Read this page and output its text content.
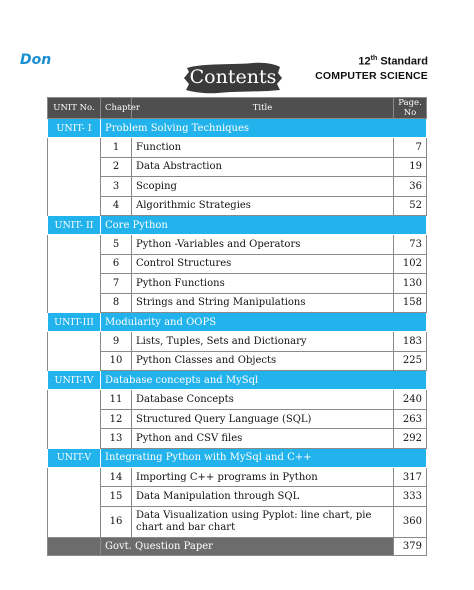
Don	12th Standard
COMPUTER SCIENCE
Contents
UNIT No.	Chapter	Title	Page. No
UNIT- I	Problem Solving Techniques		
	1	Function	7
	2	Data Abstraction	19
	3	Scoping	36
	4	Algorithmic Strategies	52
UNIT- II	Core Python		
	5	Python -Variables and Operators	73
	6	Control Structures	102
	7	Python Functions	130
	8	Strings and String Manipulations	158
UNIT-III	Modularity and OOPS		
	9	Lists, Tuples, Sets and Dictionary	183
	10	Python Classes and Objects	225
UNIT-IV	Database concepts and MySql		
	11	Database Concepts	240
	12	Structured Query Language (SQL)	263
	13	Python and CSV files	292
UNIT-V	Integrating Python with MySql and C++		
	14	Importing C++ programs in Python	317
	15	Data Manipulation through SQL	333
	16	Data Visualization using Pyplot: line chart, pie chart and bar chart	360
	Govt. Question Paper		379
